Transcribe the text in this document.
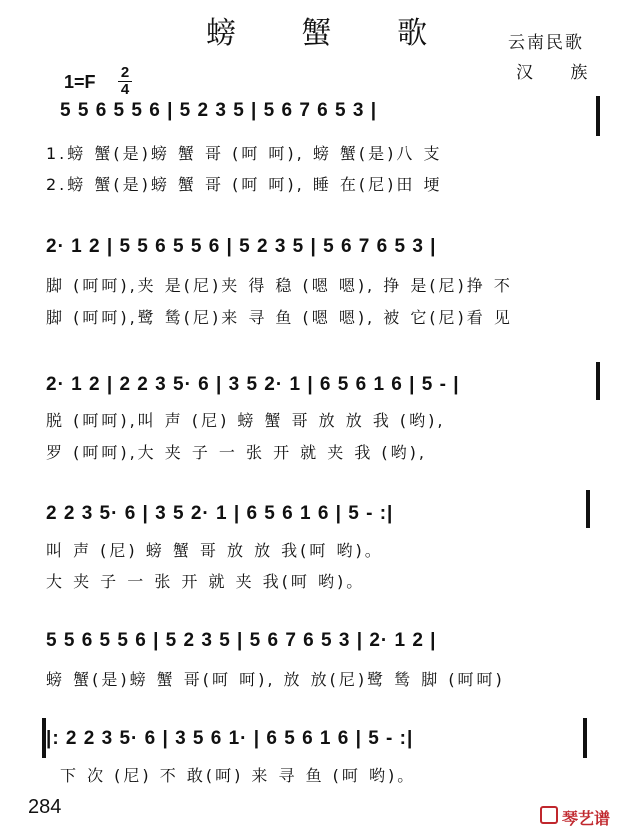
螃 蟹 歌	云南民歌
汉 族
1=F 2
4
5 5 6 5 5 6 | 5 2 3 5 | 5 6 7 6 5 3 |
1.螃 蟹(是)螃 蟹 哥 (呵 呵), 螃 蟹(是)八 支
2.螃 蟹(是)螃 蟹 哥 (呵 呵), 睡 在(尼)田 埂
2· 1 2 | 5 5 6 5 5 6 | 5 2 3 5 | 5 6 7 6 5 3 |
脚 (呵呵),夹 是(尼)夹 得 稳 (嗯 嗯), 挣 是(尼)挣 不
脚 (呵呵),鹭 鸶(尼)来 寻 鱼 (嗯 嗯), 被 它(尼)看 见
2· 1 2 | 2 2 3 5· 6 | 3 5 2· 1 | 6 5 6 1 6 | 5 - |
脱 (呵呵),叫 声 (尼) 螃 蟹 哥 放 放 我 (哟),
罗 (呵呵),大 夹 子 一 张 开 就 夹 我 (哟),
2 2 3 5· 6 | 3 5 2· 1 | 6 5 6 1 6 | 5 - :|
叫 声 (尼) 螃 蟹 哥 放 放 我(呵 哟)。
大 夹 子 一 张 开 就 夹 我(呵 哟)。
5 5 6 5 5 6 | 5 2 3 5 | 5 6 7 6 5 3 | 2· 1 2 |
螃 蟹(是)螃 蟹 哥(呵 呵), 放 放(尼)鹭 鸶 脚 (呵呵)
|: 2 2 3 5· 6 | 3 5 6 1· | 6 5 6 1 6 | 5 - :|
下 次 (尼) 不 敢(呵) 来 寻 鱼 (呵 哟)。
284
琴艺谱
